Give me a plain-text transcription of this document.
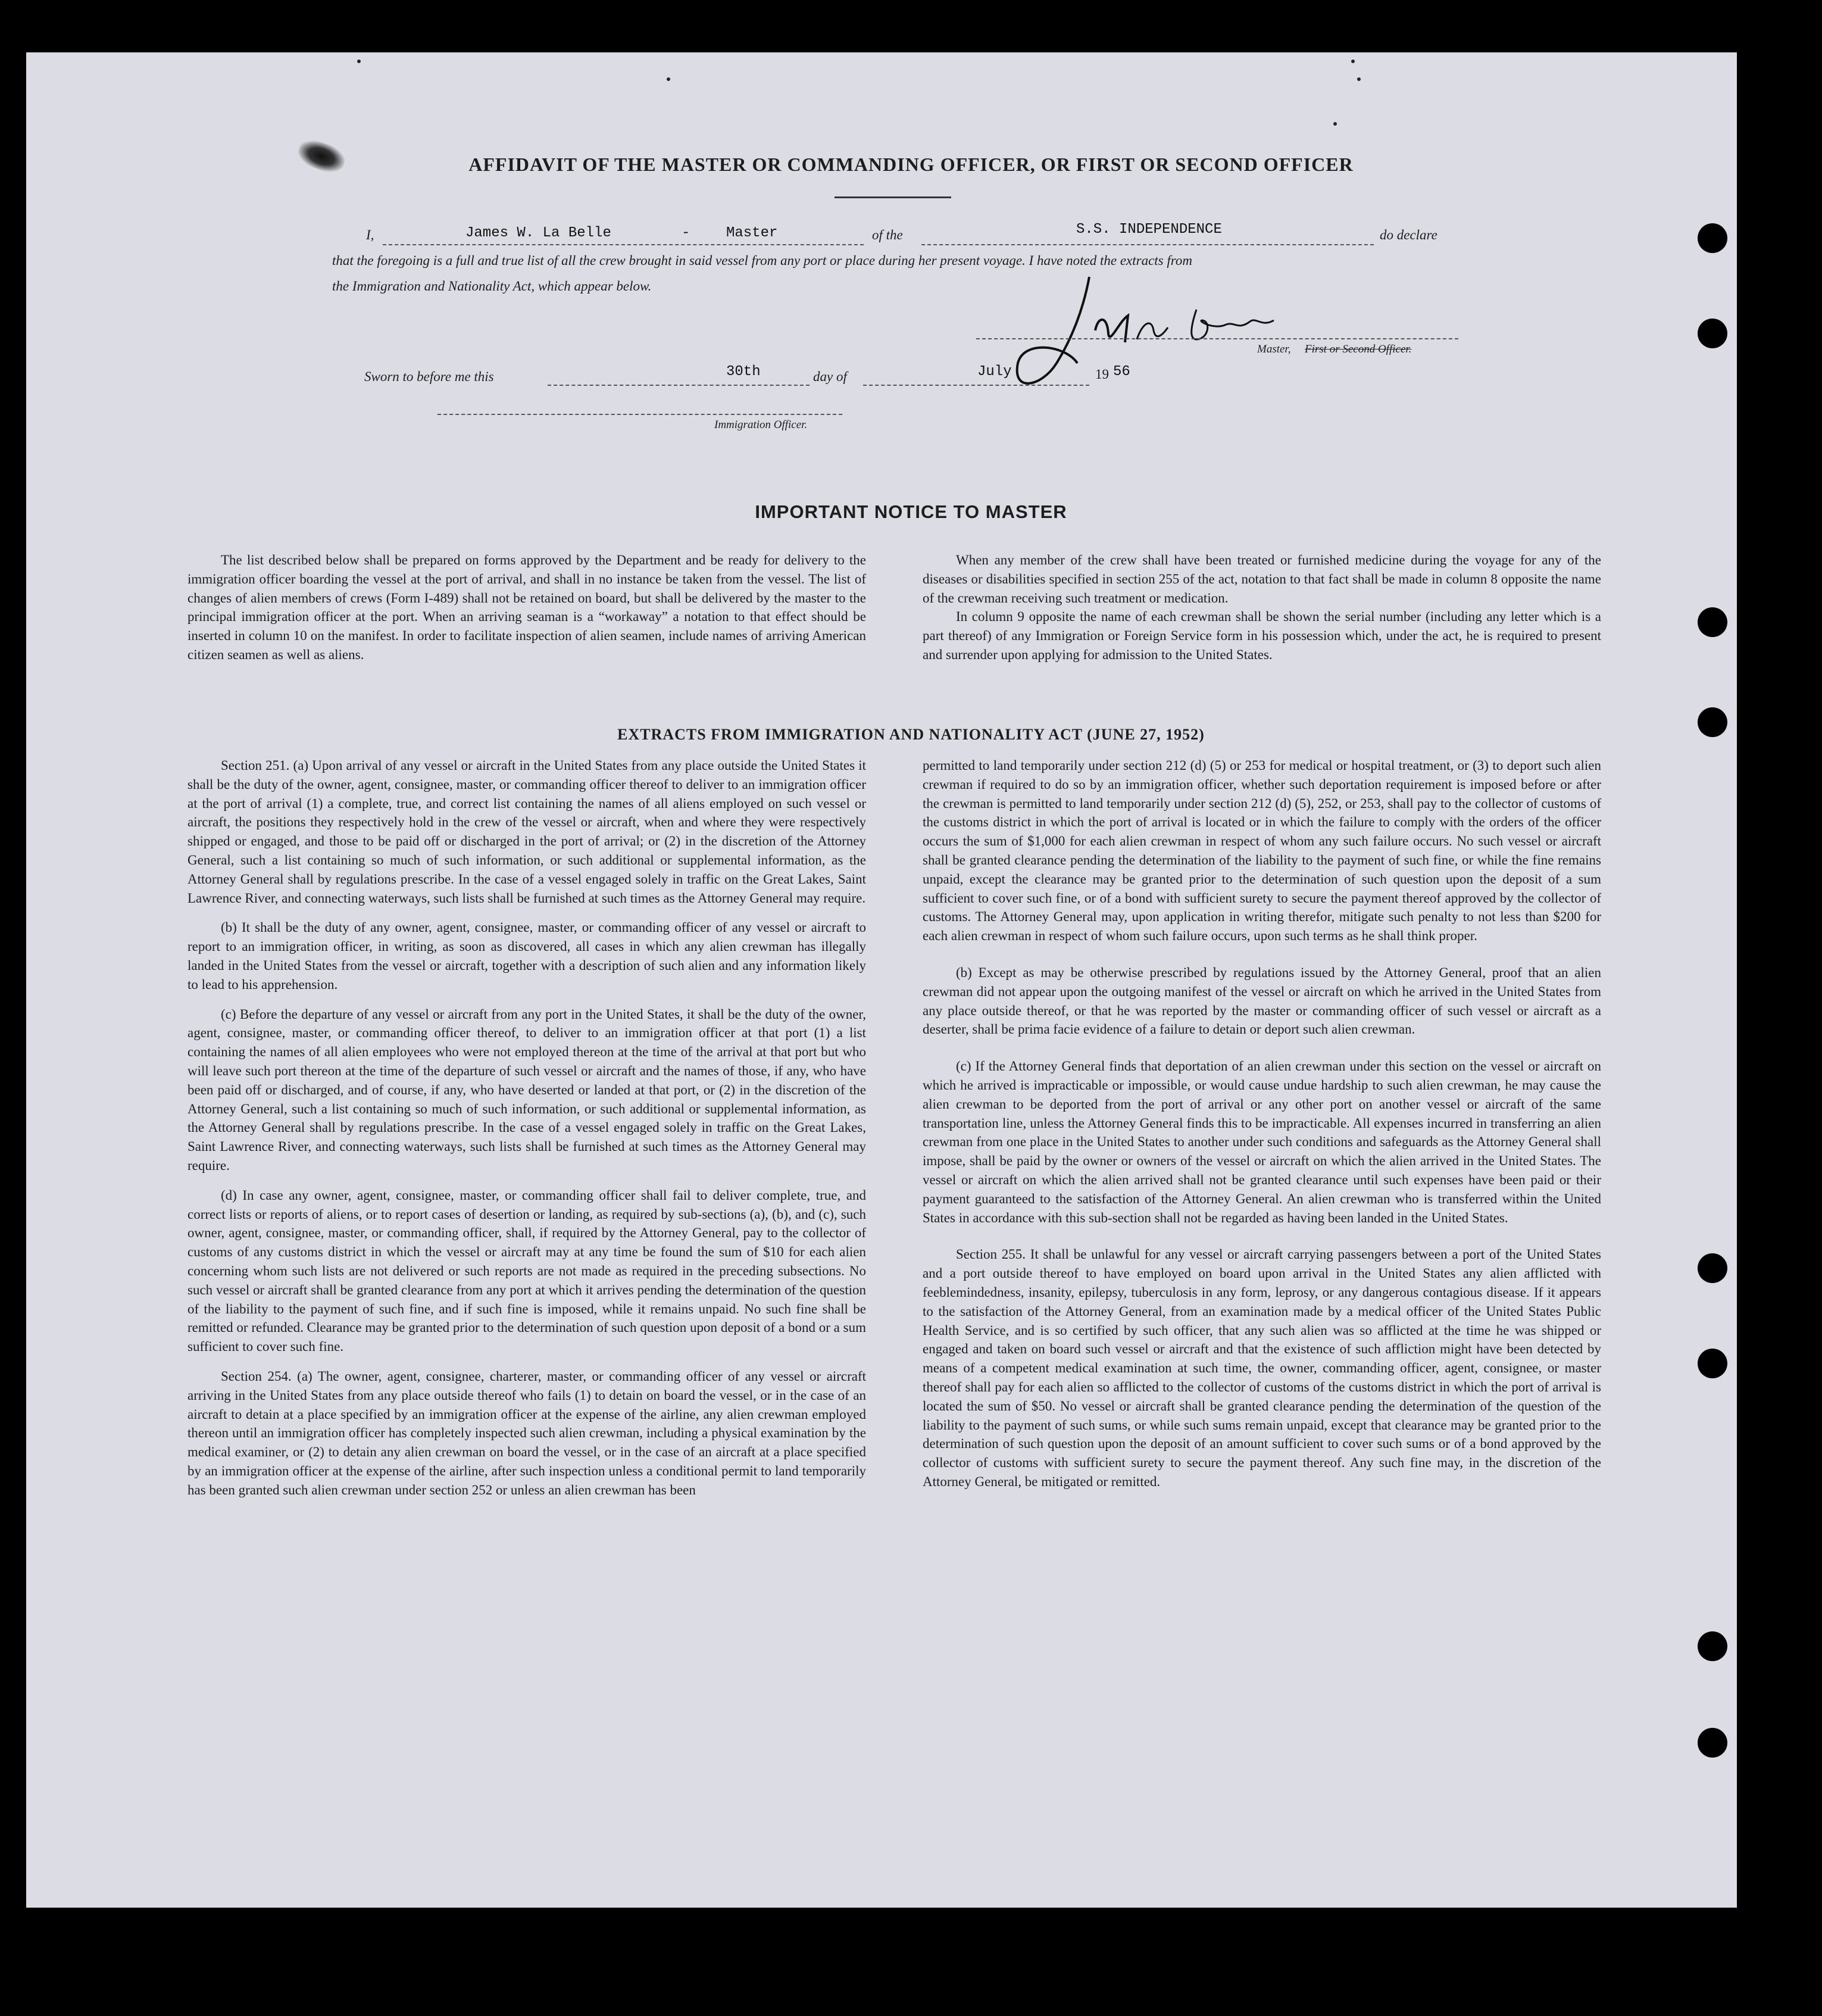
AFFIDAVIT OF THE MASTER OR COMMANDING OFFICER, OR FIRST OR SECOND OFFICER
I,	James W. La Belle	-	Master	of the	S.S. INDEPENDENCE	do declare
that the foregoing is a full and true list of all the crew brought in said vessel from any port or place during her present voyage. I have noted the extracts from
the Immigration and Nationality Act, which appear below.
Master, First or Second Officer.
Sworn to before me this	30th	day of	July	19 56
Immigration Officer.
IMPORTANT NOTICE TO MASTER

The list described below shall be prepared on forms approved by the Department and be ready for delivery to the immigration officer boarding the vessel at the port of arrival, and shall in no instance be taken from the vessel. The list of changes of alien members of crews (Form I-489) shall not be retained on board, but shall be delivered by the master to the principal immigration officer at the port. When an arriving seaman is a “workaway” a notation to that effect should be inserted in column 10 on the manifest. In order to facilitate inspection of alien seamen, include names of arriving American citizen seamen as well as aliens.

When any member of the crew shall have been treated or furnished medicine during the voyage for any of the diseases or disabilities specified in section 255 of the act, notation to that fact shall be made in column 8 opposite the name of the crewman receiving such treatment or medication.

In column 9 opposite the name of each crewman shall be shown the serial number (including any letter which is a part thereof) of any Immigration or Foreign Service form in his possession which, under the act, he is required to present and surrender upon applying for admission to the United States.

EXTRACTS FROM IMMIGRATION AND NATIONALITY ACT (JUNE 27, 1952)

Section 251. (a) Upon arrival of any vessel or aircraft in the United States from any place outside the United States it shall be the duty of the owner, agent, consignee, master, or commanding officer thereof to deliver to an immigration officer at the port of arrival (1) a complete, true, and correct list containing the names of all aliens employed on such vessel or aircraft, the positions they respectively hold in the crew of the vessel or aircraft, when and where they were respectively shipped or engaged, and those to be paid off or discharged in the port of arrival; or (2) in the discretion of the Attorney General, such a list containing so much of such information, or such additional or supplemental information, as the Attorney General shall by regulations prescribe. In the case of a vessel engaged solely in traffic on the Great Lakes, Saint Lawrence River, and connecting waterways, such lists shall be furnished at such times as the Attorney General may require.

(b) It shall be the duty of any owner, agent, consignee, master, or commanding officer of any vessel or aircraft to report to an immigration officer, in writing, as soon as discovered, all cases in which any alien crewman has illegally landed in the United States from the vessel or aircraft, together with a description of such alien and any information likely to lead to his apprehension.

(c) Before the departure of any vessel or aircraft from any port in the United States, it shall be the duty of the owner, agent, consignee, master, or commanding officer thereof, to deliver to an immigration officer at that port (1) a list containing the names of all alien employees who were not employed thereon at the time of the arrival at that port but who will leave such port thereon at the time of the departure of such vessel or aircraft and the names of those, if any, who have been paid off or discharged, and of course, if any, who have deserted or landed at that port, or (2) in the discretion of the Attorney General, such a list containing so much of such information, or such additional or supplemental information, as the Attorney General shall by regulations prescribe. In the case of a vessel engaged solely in traffic on the Great Lakes, Saint Lawrence River, and connecting waterways, such lists shall be furnished at such times as the Attorney General may require.

(d) In case any owner, agent, consignee, master, or commanding officer shall fail to deliver complete, true, and correct lists or reports of aliens, or to report cases of desertion or landing, as required by sub-sections (a), (b), and (c), such owner, agent, consignee, master, or commanding officer, shall, if required by the Attorney General, pay to the collector of customs of any customs district in which the vessel or aircraft may at any time be found the sum of $10 for each alien concerning whom such lists are not delivered or such reports are not made as required in the preceding subsections. No such vessel or aircraft shall be granted clearance from any port at which it arrives pending the determination of the question of the liability to the payment of such fine, and if such fine is imposed, while it remains unpaid. No such fine shall be remitted or refunded. Clearance may be granted prior to the determination of such question upon deposit of a bond or a sum sufficient to cover such fine.

Section 254. (a) The owner, agent, consignee, charterer, master, or commanding officer of any vessel or aircraft arriving in the United States from any place outside thereof who fails (1) to detain on board the vessel, or in the case of an aircraft to detain at a place specified by an immigration officer at the expense of the airline, any alien crewman employed thereon until an immigration officer has completely inspected such alien crewman, including a physical examination by the medical examiner, or (2) to detain any alien crewman on board the vessel, or in the case of an aircraft at a place specified by an immigration officer at the expense of the airline, after such inspection unless a conditional permit to land temporarily has been granted such alien crewman under section 252 or unless an alien crewman has been

permitted to land temporarily under section 212 (d) (5) or 253 for medical or hospital treatment, or (3) to deport such alien crewman if required to do so by an immigration officer, whether such deportation requirement is imposed before or after the crewman is permitted to land temporarily under section 212 (d) (5), 252, or 253, shall pay to the collector of customs of the customs district in which the port of arrival is located or in which the failure to comply with the orders of the officer occurs the sum of $1,000 for each alien crewman in respect of whom any such failure occurs. No such vessel or aircraft shall be granted clearance pending the determination of the liability to the payment of such fine, or while the fine remains unpaid, except the clearance may be granted prior to the determination of such question upon the deposit of a sum sufficient to cover such fine, or of a bond with sufficient surety to secure the payment thereof approved by the collector of customs. The Attorney General may, upon application in writing therefor, mitigate such penalty to not less than $200 for each alien crewman in respect of whom such failure occurs, upon such terms as he shall think proper.

(b) Except as may be otherwise prescribed by regulations issued by the Attorney General, proof that an alien crewman did not appear upon the outgoing manifest of the vessel or aircraft on which he arrived in the United States from any place outside thereof, or that he was reported by the master or commanding officer of such vessel or aircraft as a deserter, shall be prima facie evidence of a failure to detain or deport such alien crewman.

(c) If the Attorney General finds that deportation of an alien crewman under this section on the vessel or aircraft on which he arrived is impracticable or impossible, or would cause undue hardship to such alien crewman, he may cause the alien crewman to be deported from the port of arrival or any other port on another vessel or aircraft of the same transportation line, unless the Attorney General finds this to be impracticable. All expenses incurred in transferring an alien crewman from one place in the United States to another under such conditions and safeguards as the Attorney General shall impose, shall be paid by the owner or owners of the vessel or aircraft on which the alien arrived in the United States. The vessel or aircraft on which the alien arrived shall not be granted clearance until such expenses have been paid or their payment guaranteed to the satisfaction of the Attorney General. An alien crewman who is transferred within the United States in accordance with this sub-section shall not be regarded as having been landed in the United States.

Section 255. It shall be unlawful for any vessel or aircraft carrying passengers between a port of the United States and a port outside thereof to have employed on board upon arrival in the United States any alien afflicted with feeblemindedness, insanity, epilepsy, tuberculosis in any form, leprosy, or any dangerous contagious disease. If it appears to the satisfaction of the Attorney General, from an examination made by a medical officer of the United States Public Health Service, and is so certified by such officer, that any such alien was so afflicted at the time he was shipped or engaged and taken on board such vessel or aircraft and that the existence of such affliction might have been detected by means of a competent medical examination at such time, the owner, commanding officer, agent, consignee, or master thereof shall pay for each alien so afflicted to the collector of customs of the customs district in which the port of arrival is located the sum of $50. No vessel or aircraft shall be granted clearance pending the determination of the question of the liability to the payment of such sums, or while such sums remain unpaid, except that clearance may be granted prior to the determination of such question upon the deposit of an amount sufficient to cover such sums or of a bond approved by the collector of customs with sufficient surety to secure the payment thereof. Any such fine may, in the discretion of the Attorney General, be mitigated or remitted.
